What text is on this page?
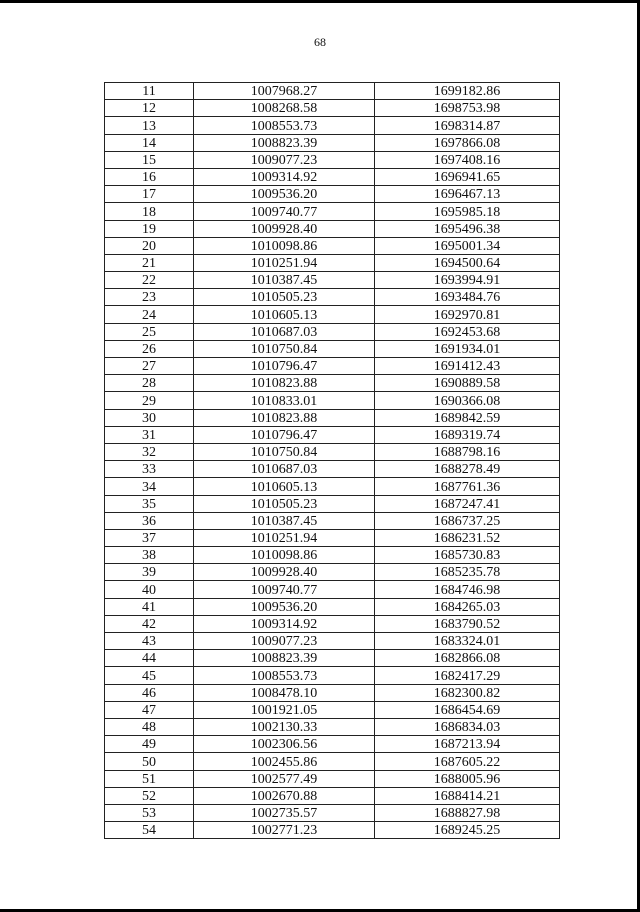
68
11	1007968.27	1699182.86
12	1008268.58	1698753.98
13	1008553.73	1698314.87
14	1008823.39	1697866.08
15	1009077.23	1697408.16
16	1009314.92	1696941.65
17	1009536.20	1696467.13
18	1009740.77	1695985.18
19	1009928.40	1695496.38
20	1010098.86	1695001.34
21	1010251.94	1694500.64
22	1010387.45	1693994.91
23	1010505.23	1693484.76
24	1010605.13	1692970.81
25	1010687.03	1692453.68
26	1010750.84	1691934.01
27	1010796.47	1691412.43
28	1010823.88	1690889.58
29	1010833.01	1690366.08
30	1010823.88	1689842.59
31	1010796.47	1689319.74
32	1010750.84	1688798.16
33	1010687.03	1688278.49
34	1010605.13	1687761.36
35	1010505.23	1687247.41
36	1010387.45	1686737.25
37	1010251.94	1686231.52
38	1010098.86	1685730.83
39	1009928.40	1685235.78
40	1009740.77	1684746.98
41	1009536.20	1684265.03
42	1009314.92	1683790.52
43	1009077.23	1683324.01
44	1008823.39	1682866.08
45	1008553.73	1682417.29
46	1008478.10	1682300.82
47	1001921.05	1686454.69
48	1002130.33	1686834.03
49	1002306.56	1687213.94
50	1002455.86	1687605.22
51	1002577.49	1688005.96
52	1002670.88	1688414.21
53	1002735.57	1688827.98
54	1002771.23	1689245.25
